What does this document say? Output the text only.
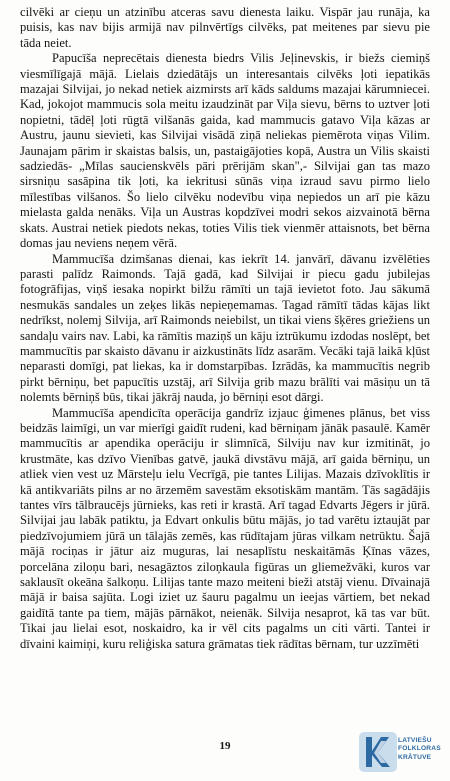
cilvēki ar cieņu un atzinību atceras savu dienesta laiku. Vispār jau runāja, ka puisis, kas nav bijis armijā nav pilnvērtīgs cilvēks, pat meitenes par sievu pie tāda neiet.

Papucīša neprecētais dienesta biedrs Vilis Jeļinevskis, ir biežs ciemiņš viesmīlīgajā mājā. Lielais dziedātājs un interesantais cilvēks ļoti iepatikās mazajai Silvijai, jo nekad netiek aizmirsts arī kāds saldums mazajai kārumniecei. Kad, jokojot mammucis sola meitu izaudzināt par Viļa sievu, bērns to uztver ļoti nopietni, tādēļ ļoti rūgtā vilšanās gaida, kad mammucis gatavo Viļa kāzas ar Austru, jaunu sievieti, kas Silvijai visādā ziņā neliekas piemērota viņas Vilim. Jaunajam pārim ir skaistas balsis, un, pastaigājoties kopā, Austra un Vilis skaisti sadziedās- „Mīlas saucienskvēls pāri prērijām skan",- Silvijai gan tas mazo sirsniņu sasāpina tik ļoti, ka iekritusi sūnās viņa izraud savu pirmo lielo mīlestības vilšanos. Šo lielo cilvēku nodevību viņa nepiedos un arī pie kāzu mielasta galda nenāks. Viļa un Austras kopdzīvei modri sekos aizvainotā bērna skats. Austrai netiek piedots nekas, toties Vilis tiek vienmēr attaisnots, bet bērna domas jau neviens neņem vērā.

Mammucīša dzimšanas dienai, kas iekrīt 14. janvārī, dāvanu izvēlēties parasti palīdz Raimonds. Tajā gadā, kad Silvijai ir piecu gadu jubilejas fotogrāfijas, viņš iesaka nopirkt bilžu rāmīti un tajā ievietot foto. Jau sākumā nesmukās sandales un zeķes likās nepieņemamas. Tagad rāmītī tādas kājas likt nedrīkst, nolemj Silvija, arī Raimonds neiebilst, un tikai viens šķēres griežiens un sandaļu vairs nav. Labi, ka rāmītis maziņš un kāju iztrūkumu izdodas noslēpt, bet mammucītis par skaisto dāvanu ir aizkustināts līdz asarām. Vecāki tajā laikā kļūst neparasti domīgi, pat liekas, ka ir domstarpības. Izrādās, ka mammucītis negrib pirkt bērniņu, bet papucītis uzstāj, arī Silvija grib mazu brālīti vai māsiņu un tā nolemts bērniņš būs, tikai jākrāj nauda, jo bērniņi esot dārgi.

Mammucīša apendicīta operācija gandrīz izjauc ģimenes plānus, bet viss beidzās laimīgi, un var mierīgi gaidīt rudeni, kad bērniņam jānāk pasaulē. Kamēr mammucītis ar apendika operāciju ir slimnīcā, Silviju nav kur izmitināt, jo krustmāte, kas dzīvo Vienības gatvē, jaukā divstāvu mājā, arī gaida bērniņu, un atliek vien vest uz Mārsteļu ielu Vecrīgā, pie tantes Lilijas. Mazais dzīvoklītis ir kā antikvariāts pilns ar no ārzemēm savestām eksotiskām mantām. Tās sagādājis tantes vīrs tālbraucējs jūrnieks, kas reti ir krastā. Arī tagad Edvarts Jēgers ir jūrā. Silvijai jau labāk patiktu, ja Edvart onkulis būtu mājās, jo tad varētu iztaujāt par piedzīvojumiem jūrā un tālajās zemēs, kas rūdītajam jūras vilkam netrūktu. Šajā mājā rociņas ir jātur aiz muguras, lai nesaplīstu neskaitāmās Ķīnas vāzes, porcelāna ziloņu bari, nesagāztos ziloņkaula figūras un gliemežvāki, kuros var saklausīt okeāna šalkoņu. Lilijas tante mazo meiteni bieži atstāj vienu. Dīvainajā mājā ir baisa sajūta. Logi iziet uz šauru pagalmu un ieejas vārtiem, bet nekad gaidītā tante pa tiem, mājās pārnākot, neienāk. Silvija nesaprot, kā tas var būt. Tikai jau lielai esot, noskaidro, ka ir vēl cits pagalms un citi vārti. Tantei ir dīvaini kaimiņi, kuru reliģiska satura grāmatas tiek rādītas bērnam, tur uzzīmēti

19	LATVIEŠU
FOLKLORAS
KRĀTUVE
